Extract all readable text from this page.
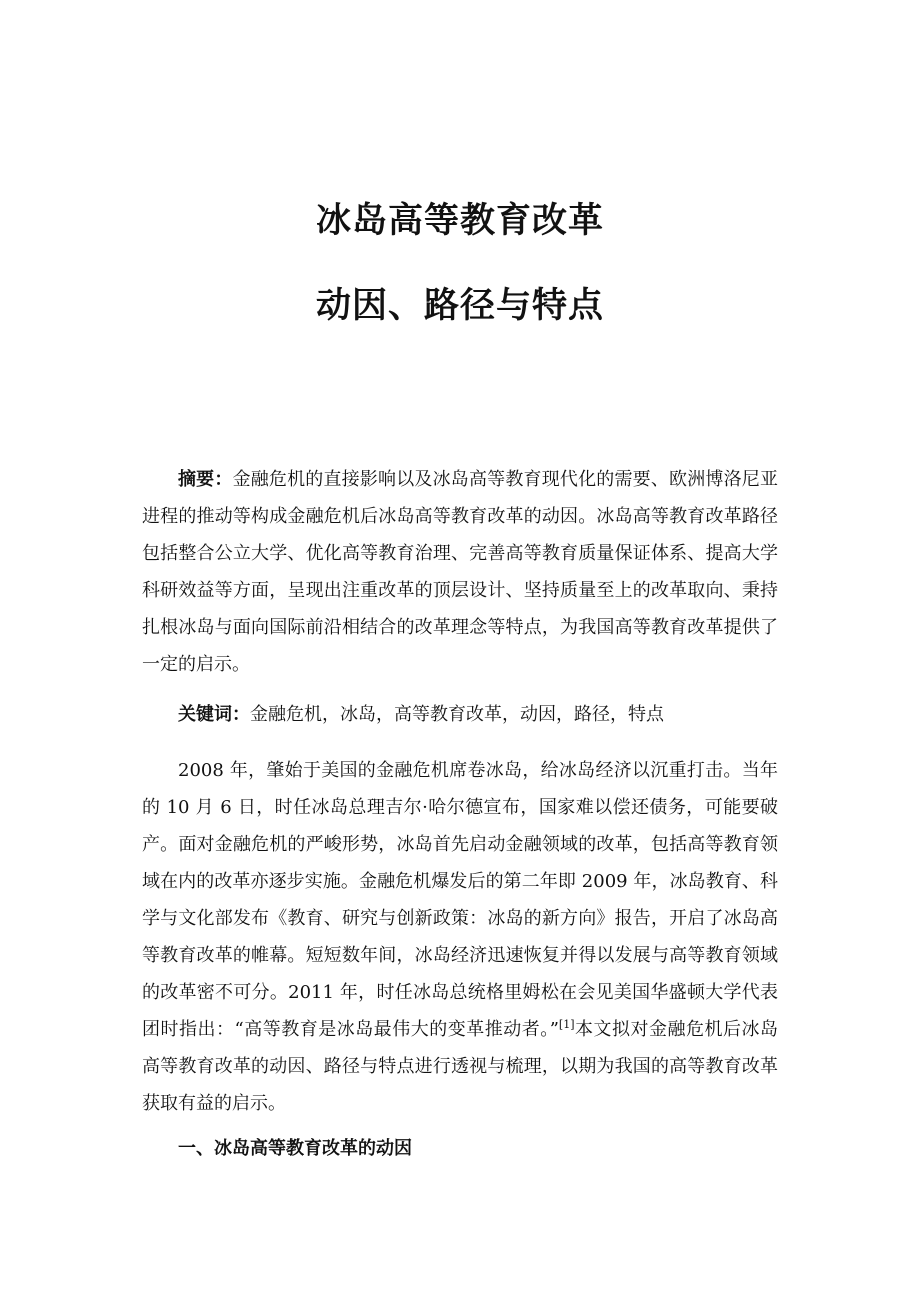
冰岛高等教育改革
动因、路径与特点

摘要：金融危机的直接影响以及冰岛高等教育现代化的需要、欧洲博洛尼亚进程的推动等构成金融危机后冰岛高等教育改革的动因。冰岛高等教育改革路径包括整合公立大学、优化高等教育治理、完善高等教育质量保证体系、提高大学科研效益等方面，呈现出注重改革的顶层设计、坚持质量至上的改革取向、秉持扎根冰岛与面向国际前沿相结合的改革理念等特点，为我国高等教育改革提供了一定的启示。

关键词：金融危机，冰岛，高等教育改革，动因，路径，特点

2008 年，肇始于美国的金融危机席卷冰岛，给冰岛经济以沉重打击。当年的 10 月 6 日，时任冰岛总理吉尔·哈尔德宣布，国家难以偿还债务，可能要破产。面对金融危机的严峻形势，冰岛首先启动金融领域的改革，包括高等教育领域在内的改革亦逐步实施。金融危机爆发后的第二年即 2009 年，冰岛教育、科学与文化部发布《教育、研究与创新政策：冰岛的新方向》报告，开启了冰岛高等教育改革的帷幕。短短数年间，冰岛经济迅速恢复并得以发展与高等教育领域的改革密不可分。2011 年，时任冰岛总统格里姆松在会见美国华盛顿大学代表团时指出：“高等教育是冰岛最伟大的变革推动者。”[1]本文拟对金融危机后冰岛高等教育改革的动因、路径与特点进行透视与梳理，以期为我国的高等教育改革获取有益的启示。

一、冰岛高等教育改革的动因
